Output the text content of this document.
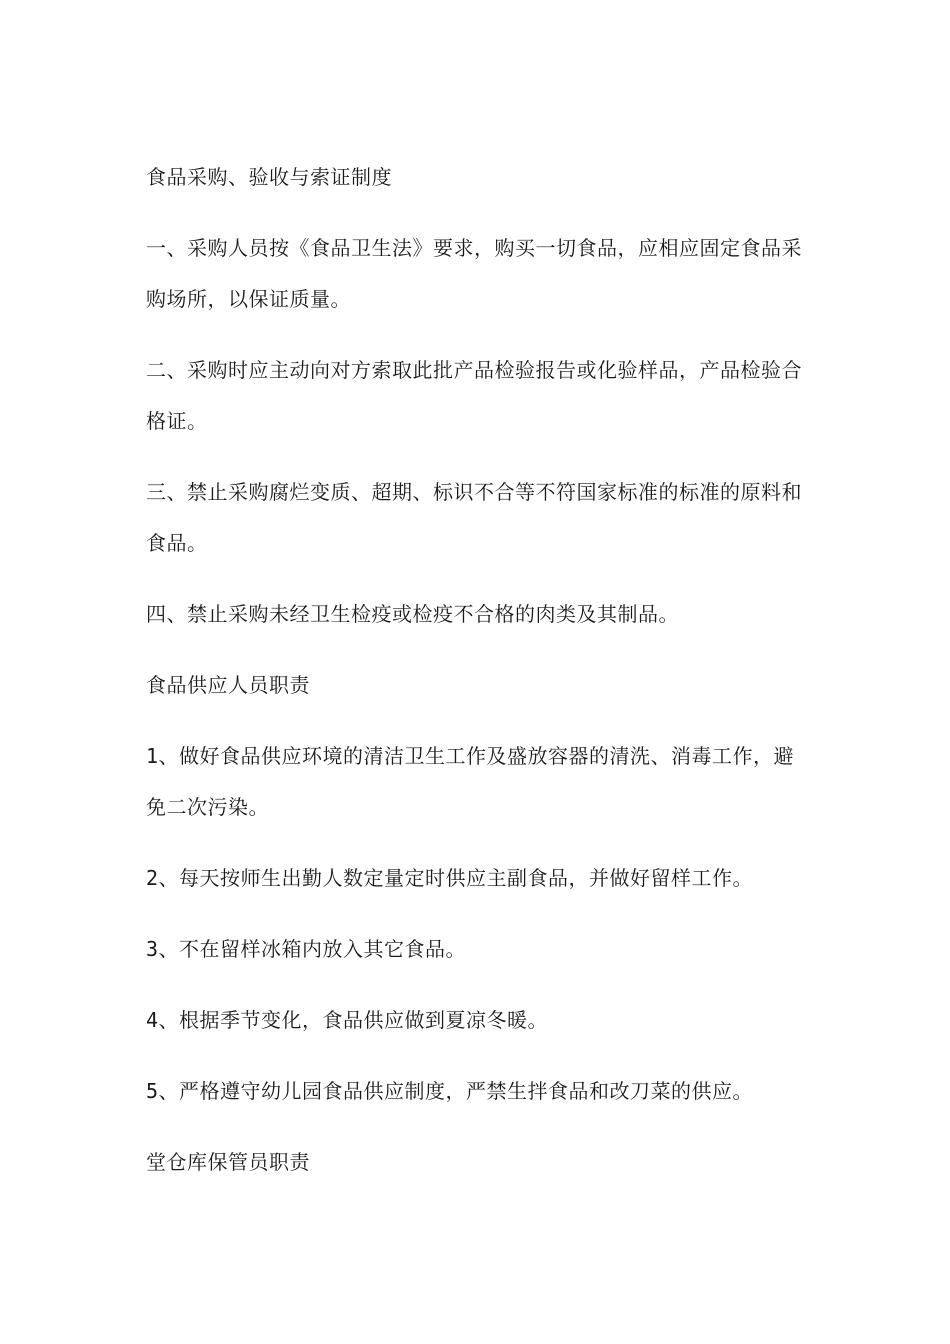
食品采购、验收与索证制度

一、采购人员按《食品卫生法》要求，购买一切食品，应相应固定食品采购场所，以保证质量。

二、采购时应主动向对方索取此批产品检验报告或化验样品，产品检验合格证。

三、禁止采购腐烂变质、超期、标识不合等不符国家标准的标准的原料和食品。

四、禁止采购未经卫生检疫或检疫不合格的肉类及其制品。

食品供应人员职责

1、做好食品供应环境的清洁卫生工作及盛放容器的清洗、消毒工作，避免二次污染。

2、每天按师生出勤人数定量定时供应主副食品，并做好留样工作。

3、不在留样冰箱内放入其它食品。

4、根据季节变化，食品供应做到夏凉冬暖。

5、严格遵守幼儿园食品供应制度，严禁生拌食品和改刀菜的供应。

堂仓库保管员职责
